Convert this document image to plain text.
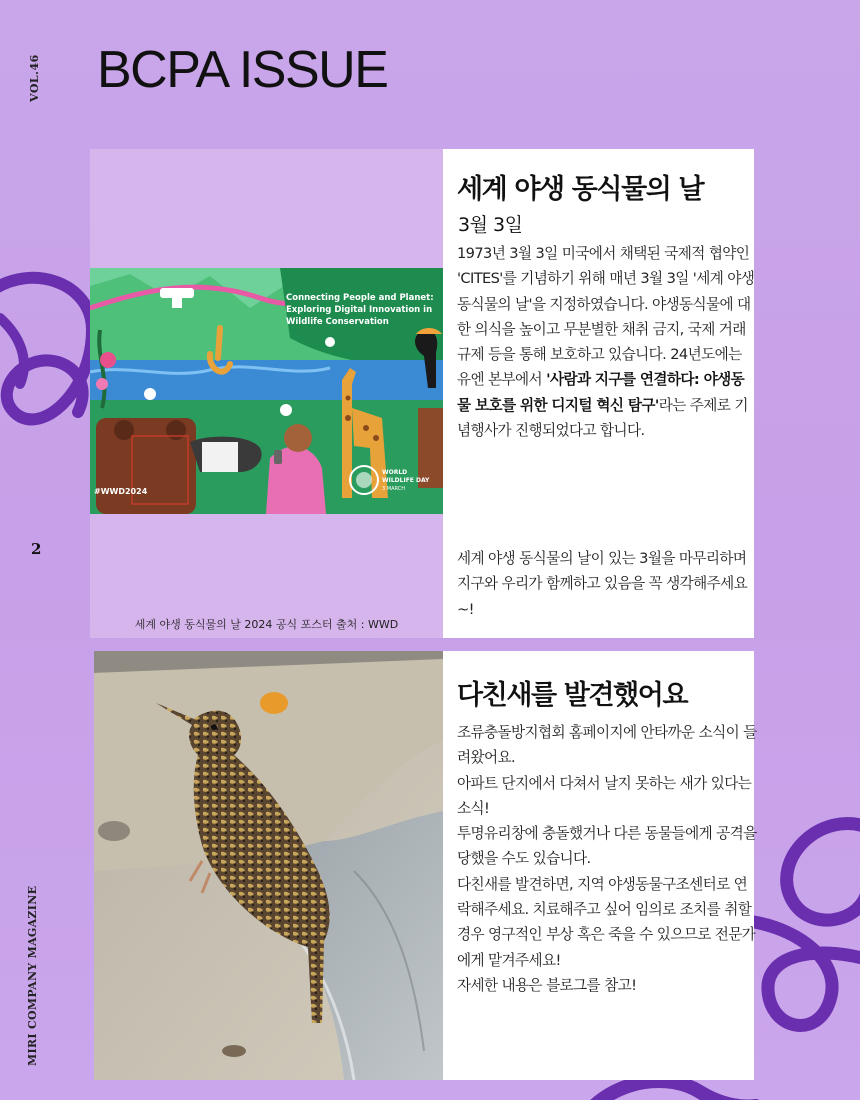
VOL.46 BCPA ISSUE
2
MIRI COMPANY MAGAZINE
Connecting People and Planet:
Exploring Digital Innovation in
Wildlife Conservation
#WWD2024
WORLD
WILDLIFE DAY
3 MARCH
세계 야생 동식물의 날 2024 공식 포스터 출처 : WWD
세계 야생 동식물의 날
3월 3일

1973년 3월 3일 미국에서 채택된 국제적 협약인 'CITES'를 기념하기 위해 매년 3월 3일 '세계 야생 동식물의 날'을 지정하였습니다. 야생동식물에 대한 의식을 높이고 무분별한 채취 금지, 국제 거래 규제 등을 통해 보호하고 있습니다. 24년도에는 유엔 본부에서 '사람과 지구를 연결하다: 야생동물 보호를 위한 디지털 혁신 탐구'라는 주제로 기념행사가 진행되었다고 합니다.

세계 야생 동식물의 날이 있는 3월을 마무리하며 지구와 우리가 함께하고 있음을 꼭 생각해주세요~!

다친새를 발견했어요

조류충돌방지협회 홈페이지에 안타까운 소식이 들려왔어요.
아파트 단지에서 다쳐서 날지 못하는 새가 있다는 소식!
투명유리창에 충돌했거나 다른 동물들에게 공격을 당했을 수도 있습니다.
다친새를 발견하면, 지역 야생동물구조센터로 연락해주세요. 치료해주고 싶어 임의로 조치를 취할경우 영구적인 부상 혹은 죽을 수 있으므로 전문가에게 맡겨주세요!
자세한 내용은 블로그를 참고!
